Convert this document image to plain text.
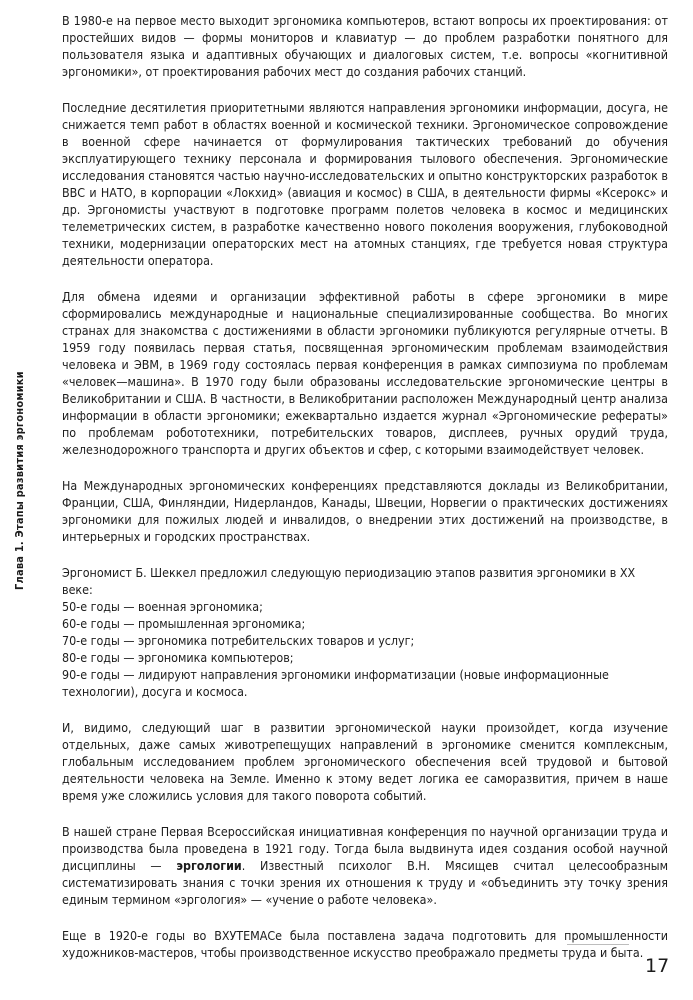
Глава 1. Этапы развития эргономики

В 1980-е на первое место выходит эргономика компьютеров, встают вопросы их проектирования: от простейших видов — формы мониторов и клавиатур — до проблем разработки понятного для пользователя языка и адаптивных обучающих и диалоговых систем, т.е. вопросы «когнитивной эргономики», от проектирования рабочих мест до создания рабочих станций.

Последние десятилетия приоритетными являются направления эргономики информации, досуга, не снижается темп работ в областях военной и космической техники. Эргономическое сопровождение в военной сфере начинается от формулирования тактических требований до обучения эксплуатирующего технику персонала и формирования тылового обеспечения. Эргономические исследования становятся частью научно-исследовательских и опытно конструкторских разработок в ВВС и НАТО, в корпорации «Локхид» (авиация и космос) в США, в деятельности фирмы «Ксерокс» и др. Эргономисты участвуют в подготовке программ полетов человека в космос и медицинских телеметрических систем, в разработке качественно нового поколения вооружения, глубоководной техники, модернизации операторских мест на атомных станциях, где требуется новая структура деятельности оператора.

Для обмена идеями и организации эффективной работы в сфере эргономики в мире сформировались международные и национальные специализированные сообщества. Во многих странах для знакомства с достижениями в области эргономики публикуются регулярные отчеты. В 1959 году появилась первая статья, посвященная эргономическим проблемам взаимодействия человека и ЭВМ, в 1969 году состоялась первая конференция в рамках симпозиума по проблемам «человек—машина». В 1970 году были образованы исследовательские эргономические центры в Великобритании и США. В частности, в Великобритании расположен Международный центр анализа информации в области эргономики; ежеквартально издается журнал «Эргономические рефераты» по проблемам робототехники, потребительских товаров, дисплеев, ручных орудий труда, железнодорожного транспорта и других объектов и сфер, с которыми взаимодействует человек.

На Международных эргономических конференциях представляются доклады из Великобритании, Франции, США, Финляндии, Нидерландов, Канады, Швеции, Норвегии о практических достижениях эргономики для пожилых людей и инвалидов, о внедрении этих достижений на производстве, в интерьерных и городских пространствах.

Эргономист Б. Шеккел предложил следующую периодизацию этапов развития эргономики в XX веке:
50-е годы — военная эргономика;
60-е годы — промышленная эргономика;
70-е годы — эргономика потребительских товаров и услуг;
80-е годы — эргономика компьютеров;
90-е годы — лидируют направления эргономики информатизации (новые информационные технологии), досуга и космоса.

И, видимо, следующий шаг в развитии эргономической науки произойдет, когда изучение отдельных, даже самых животрепещущих направлений в эргономике сменится комплексным, глобальным исследованием проблем эргономического обеспечения всей трудовой и бытовой деятельности человека на Земле. Именно к этому ведет логика ее саморазвития, причем в наше время уже сложились условия для такого поворота событий.

В нашей стране Первая Всероссийская инициативная конференция по научной организации труда и производства была проведена в 1921 году. Тогда была выдвинута идея создания особой научной дисциплины — эргологии. Известный психолог В.Н. Мясищев считал целесообразным систематизировать знания с точки зрения их отношения к труду и «объединить эту точку зрения единым термином «эргология» — «учение о работе человека».

Еще в 1920-е годы во ВХУТЕМАСе была поставлена задача подготовить для промышленности художников-мастеров, чтобы производственное искусство преображало предметы труда и быта.

17
